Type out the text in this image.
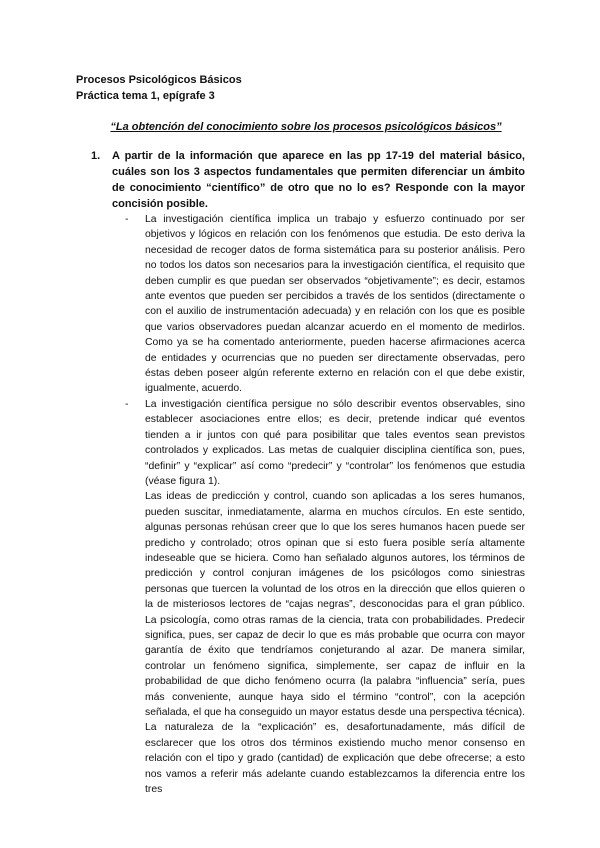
Procesos Psicológicos Básicos
Práctica tema 1, epígrafe 3
“La obtención del conocimiento sobre los procesos psicológicos básicos”
1. A partir de la información que aparece en las pp 17-19 del material básico, cuáles son los 3 aspectos fundamentales que permiten diferenciar un ámbito de conocimiento “científico” de otro que no lo es? Responde con la mayor concisión posible.

- La investigación científica implica un trabajo y esfuerzo continuado por ser objetivos y lógicos en relación con los fenómenos que estudia. De esto deriva la necesidad de recoger datos de forma sistemática para su posterior análisis. Pero no todos los datos son necesarios para la investigación científica, el requisito que deben cumplir es que puedan ser observados “objetivamente”; es decir, estamos ante eventos que pueden ser percibidos a través de los sentidos (directamente o con el auxilio de instrumentación adecuada) y en relación con los que es posible que varios observadores puedan alcanzar acuerdo en el momento de medirlos. Como ya se ha comentado anteriormente, pueden hacerse afirmaciones acerca de entidades y ocurrencias que no pueden ser directamente observadas, pero éstas deben poseer algún referente externo en relación con el que debe existir, igualmente, acuerdo.

- La investigación científica persigue no sólo describir eventos observables, sino establecer asociaciones entre ellos; es decir, pretende indicar qué eventos tienden a ir juntos con qué para posibilitar que tales eventos sean previstos controlados y explicados. Las metas de cualquier disciplina científica son, pues, “definir” y “explicar” así como “predecir” y “controlar” los fenómenos que estudia (véase figura 1).

Las ideas de predicción y control, cuando son aplicadas a los seres humanos, pueden suscitar, inmediatamente, alarma en muchos círculos. En este sentido, algunas personas rehúsan creer que lo que los seres humanos hacen puede ser predicho y controlado; otros opinan que si esto fuera posible sería altamente indeseable que se hiciera. Como han señalado algunos autores, los términos de predicción y control conjuran imágenes de los psicólogos como siniestras personas que tuercen la voluntad de los otros en la dirección que ellos quieren o la de misteriosos lectores de “cajas negras”, desconocidas para el gran público. La psicología, como otras ramas de la ciencia, trata con probabilidades. Predecir significa, pues, ser capaz de decir lo que es más probable que ocurra con mayor garantía de éxito que tendríamos conjeturando al azar. De manera similar, controlar un fenómeno significa, simplemente, ser capaz de influir en la probabilidad de que dicho fenómeno ocurra (la palabra “influencia” sería, pues más conveniente, aunque haya sido el término “control”, con la acepción señalada, el que ha conseguido un mayor estatus desde una perspectiva técnica). La naturaleza de la “explicación” es, desafortunadamente, más difícil de esclarecer que los otros dos términos existiendo mucho menor consenso en relación con el tipo y grado (cantidad) de explicación que debe ofrecerse; a esto nos vamos a referir más adelante cuando establezcamos la diferencia entre los tres
